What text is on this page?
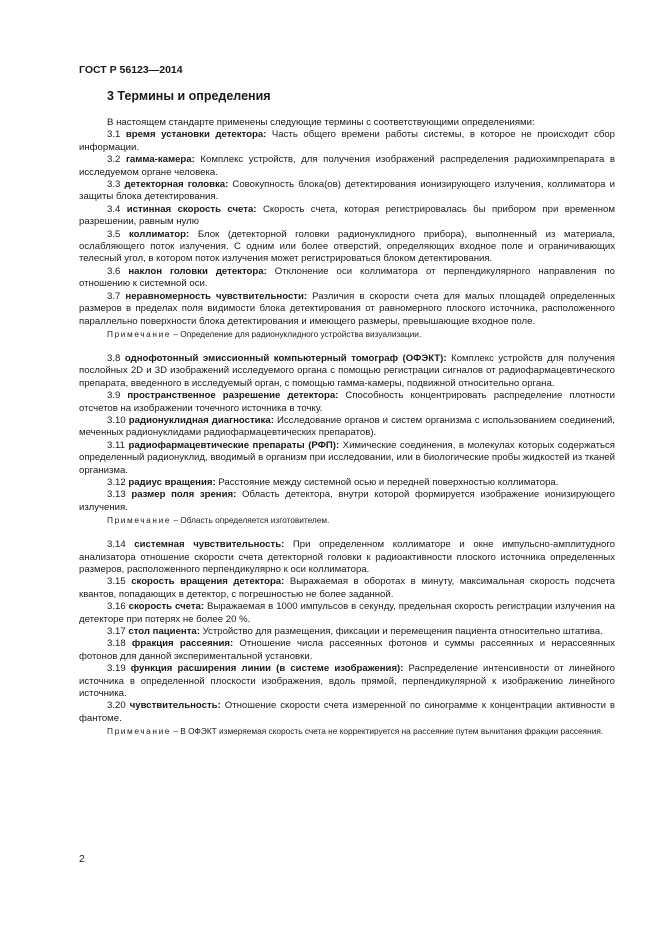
ГОСТ Р 56123—2014
3 Термины и определения

В настоящем стандарте применены следующие термины с соответствующими определениями:

3.1 время установки детектора: Часть общего времени работы системы, в которое не происходит сбор информации.

3.2 гамма-камера: Комплекс устройств, для получения изображений распределения радиохимпрепарата в исследуемом органе человека.

3.3 детекторная головка: Совокупность блока(ов) детектирования ионизирующего излучения, коллиматора и защиты блока детектирования.

3.4 истинная скорость счета: Скорость счета, которая регистрировалась бы прибором при временном разрешении, равным нулю

3.5 коллиматор: Блок (детекторной головки радионуклидного прибора), выполненный из материала, ослабляющего поток излучения. С одним или более отверстий, определяющих входное поле и ограничивающих телесный угол, в котором поток излучения может регистрироваться блоком детектирования.

3.6 наклон головки детектора: Отклонение оси коллиматора от перпендикулярного направления по отношению к системной оси.

3.7 неравномерность чувствительности: Различия в скорости счета для малых площадей определенных размеров в пределах поля видимости блока детектирования от равномерного плоского источника, расположенного параллельно поверхности блока детектирования и имеющего размеры, превышающие входное поле.

Примечание – Определение для радионуклидного устройства визуализации.

3.8 однофотонный эмиссионный компьютерный томограф (ОФЭКТ): Комплекс устройств для получения послойных 2D и 3D изображений исследуемого органа с помощью регистрации сигналов от радиофармацевтического препарата, введенного в исследуемый орган, с помощью гамма-камеры, подвижной относительно органа.

3.9 пространственное разрешение детектора: Способность концентрировать распределение плотности отсчетов на изображении точечного источника в точку.

3.10 радионуклидная диагностика: Исследование органов и систем организма с использованием соединений, меченных радионуклидами радиофармацевтических препаратов).

3.11 радиофармацевтические препараты (РФП): Химические соединения, в молекулах которых содержаться определенный радионуклид, вводимый в организм при исследовании, или в биологические пробы жидкостей из тканей организма.

3.12 радиус вращения: Расстояние между системной осью и передней поверхностью коллиматора.

3.13 размер поля зрения: Область детектора, внутри которой формируется изображение ионизирующего излучения.

Примечание – Область определяется изготовителем.

3.14 системная чувствительность: При определенном коллиматоре и окне импульсно-амплитудного анализатора отношение скорости счета детекторной головки к радиоактивности плоского источника определенных размеров, расположенного перпендикулярно к оси коллиматора.

3.15 скорость вращения детектора: Выражаемая в оборотах в минуту, максимальная скорость подсчета квантов, попадающих в детектор, с погрешностью не более заданной.

3.16 скорость счета: Выражаемая в 1000 импульсов в секунду, предельная скорость регистрации излучения на детекторе при потерях не более 20 %.

3.17 стол пациента: Устройство для размещения, фиксации и перемещения пациента относительно штатива.

3.18 фракция рассеяния: Отношение числа рассеянных фотонов и суммы рассеянных и нерассеянных фотонов для данной экспериментальной установки.

3.19 функция расширения линии (в системе изображения): Распределение интенсивности от линейного источника в определенной плоскости изображения, вдоль прямой, перпендикулярной к изображению линейного источника.

3.20 чувствительность: Отношение скорости счета измеренной по синограмме к концентрации активности в фантоме.

Примечание – В ОФЭКТ измеряемая скорость счета не корректируется на рассеяние путем вычитания фракции рассеяния.

2
